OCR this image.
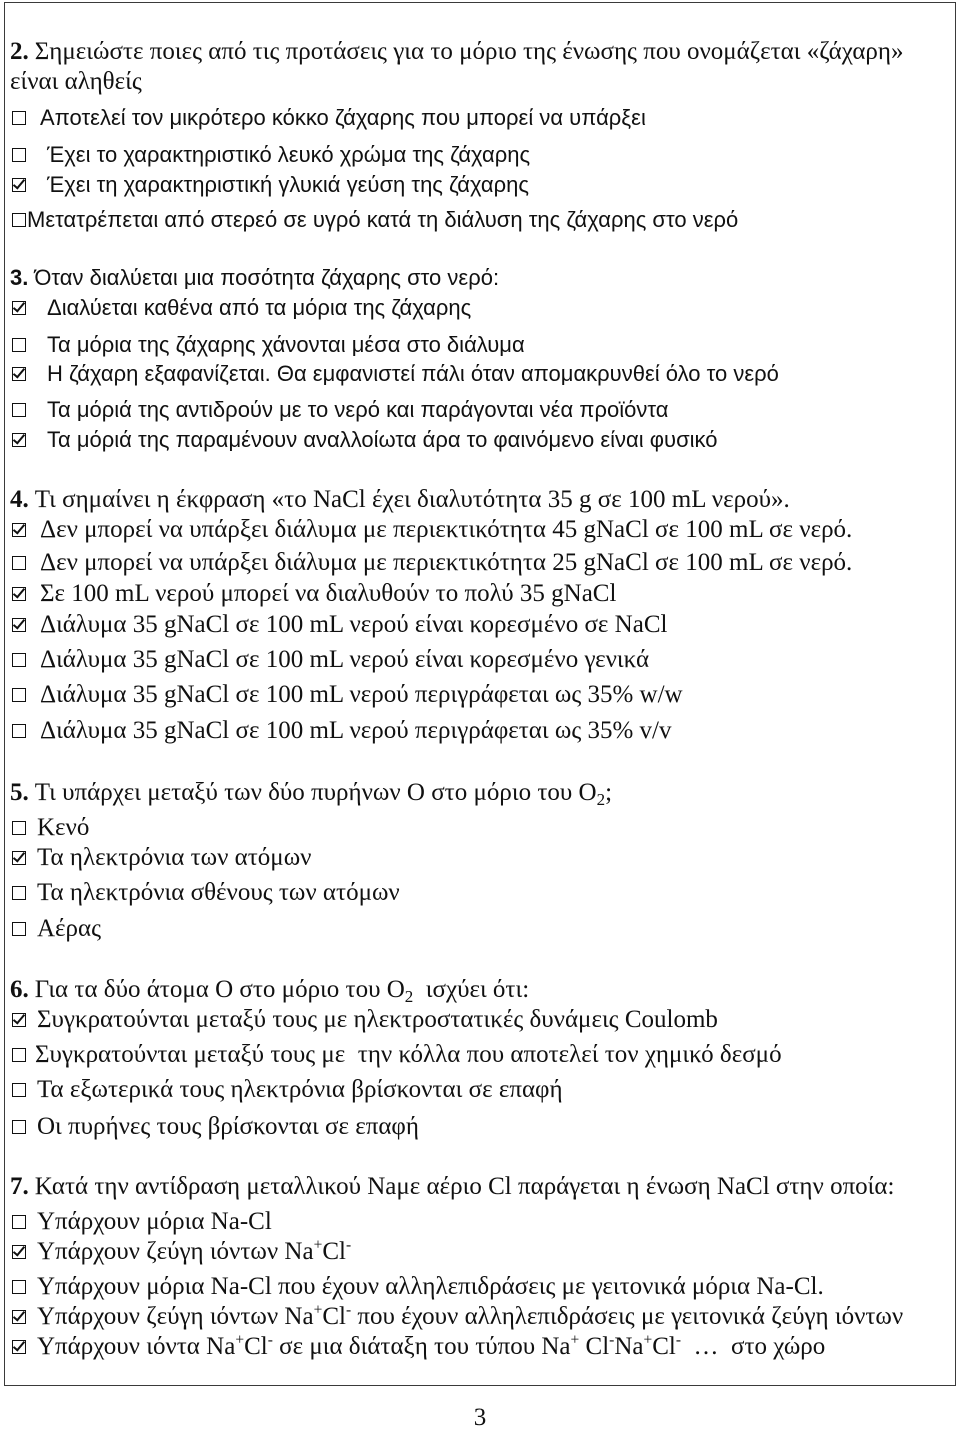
2. Σημειώστε ποιες από τις προτάσεις για το μόριο της ένωσης που ονομάζεται «ζάχαρη»
είναι αληθείς
Αποτελεί τον μικρότερο κόκκο ζάχαρης που μπορεί να υπάρξει
Έχει το χαρακτηριστικό λευκό χρώμα της ζάχαρης
Έχει τη χαρακτηριστική γλυκιά γεύση της ζάχαρης
Μετατρέπεται από στερεό σε υγρό κατά τη διάλυση της ζάχαρης στο νερό
3. Όταν διαλύεται μια ποσότητα ζάχαρης στο νερό:
Διαλύεται καθένα από τα μόρια της ζάχαρης
Τα μόρια της ζάχαρης χάνονται μέσα στο διάλυμα
Η ζάχαρη εξαφανίζεται. Θα εμφανιστεί πάλι όταν απομακρυνθεί όλο το νερό
Τα μόριά της αντιδρούν με το νερό και παράγονται νέα προϊόντα
Τα μόριά της παραμένουν αναλλοίωτα άρα το φαινόμενο είναι φυσικό
4. Τι σημαίνει η έκφραση «το NaCl έχει διαλυτότητα 35 g σε 100 mL νερού».
Δεν μπορεί να υπάρξει διάλυμα με περιεκτικότητα 45 gNaCl σε 100 mL σε νερό.
Δεν μπορεί να υπάρξει διάλυμα με περιεκτικότητα 25 gNaCl σε 100 mL σε νερό.
Σε 100 mL νερού μπορεί να διαλυθούν το πολύ 35 gNaCl
Διάλυμα 35 gNaCl σε 100 mL νερού είναι κορεσμένο σε NaCl
Διάλυμα 35 gNaCl σε 100 mL νερού είναι κορεσμένο γενικά
Διάλυμα 35 gNaCl σε 100 mL νερού περιγράφεται ως 35% w/w
Διάλυμα 35 gNaCl σε 100 mL νερού περιγράφεται ως 35% v/v
5. Τι υπάρχει μεταξύ των δύο πυρήνων O στο μόριο του $O_2$;
Κενό
Τα ηλεκτρόνια των ατόμων
Τα ηλεκτρόνια σθένους των ατόμων
Αέρας
6. Για τα δύο άτομα O στο μόριο του $O_2$  ισχύει ότι:
Συγκρατούνται μεταξύ τους με ηλεκτροστατικές δυνάμεις Coulomb
Συγκρατούνται μεταξύ τους με  την κόλλα που αποτελεί τον χημικό δεσμό
Τα εξωτερικά τους ηλεκτρόνια βρίσκονται σε επαφή
Οι πυρήνες τους βρίσκονται σε επαφή
7. Κατά την αντίδραση μεταλλικού Naμε αέριο Cl παράγεται η ένωση NaCl στην οποία:
Υπάρχουν μόρια Na-Cl
Υπάρχουν ζεύγη ιόντων Na+Cl-
Υπάρχουν μόρια Na-Cl που έχουν αλληλεπιδράσεις με γειτονικά μόρια Na-Cl.
Υπάρχουν ζεύγη ιόντων Na+Cl- που έχουν αλληλεπιδράσεις με γειτονικά ζεύγη ιόντων
Υπάρχουν ιόντα Na+Cl- σε μια διάταξη του τύπου Na+ Cl-Na+Cl-  …  στο χώρο
3
